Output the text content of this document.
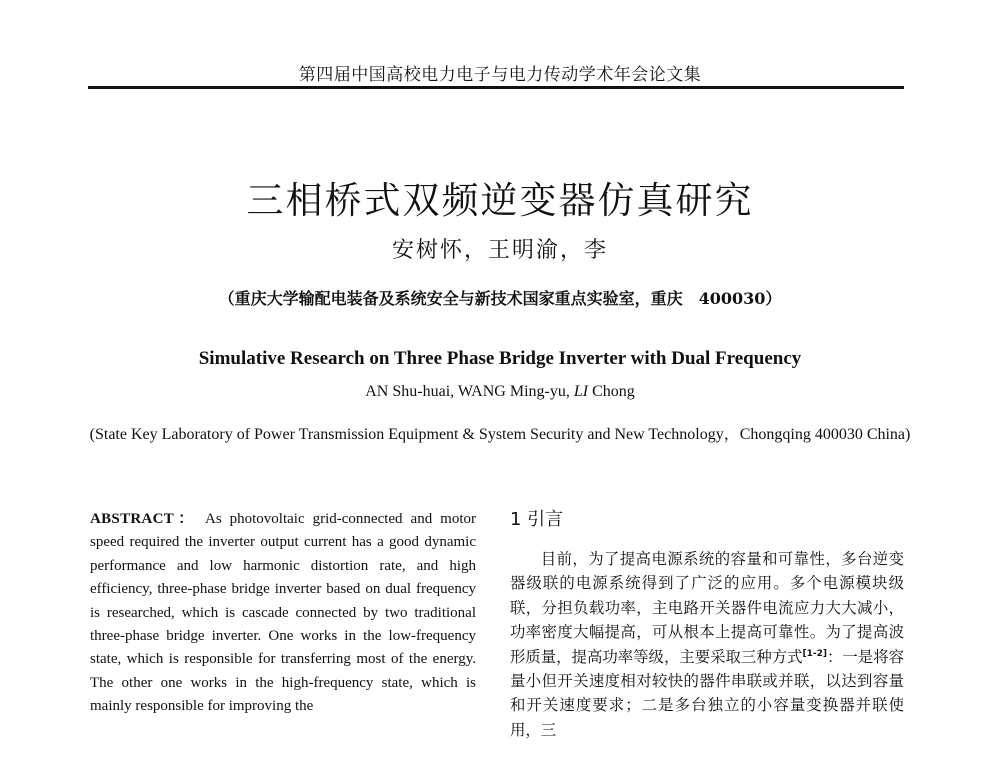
第四届中国高校电力电子与电力传动学术年会论文集
三相桥式双频逆变器仿真研究
安树怀，王明渝，李
（重庆大学输配电装备及系统安全与新技术国家重点实验室，重庆　400030）
Simulative Research on Three Phase Bridge Inverter with Dual Frequency
AN Shu-huai, WANG Ming-yu, LI Chong
(State Key Laboratory of Power Transmission Equipment & System Security and New Technology，Chongqing 400030 China)
ABSTRACT： As photovoltaic grid-connected and motor speed required the inverter output current has a good dynamic performance and low harmonic distortion rate, and high efficiency, three-phase bridge inverter based on dual frequency is researched, which is cascade connected by two traditional three-phase bridge inverter. One works in the low-frequency state, which is responsible for transferring most of the energy. The other one works in the high-frequency state, which is mainly responsible for improving the
1 引言

目前，为了提高电源系统的容量和可靠性，多台逆变器级联的电源系统得到了广泛的应用。多个电源模块级联，分担负载功率，主电路开关器件电流应力大大减小，功率密度大幅提高，可从根本上提高可靠性。为了提高波形质量，提高功率等级，主要采取三种方式[1-2]：一是将容量小但开关速度相对较快的器件串联或并联，以达到容量和开关速度要求；二是多台独立的小容量变换器并联使用，三
